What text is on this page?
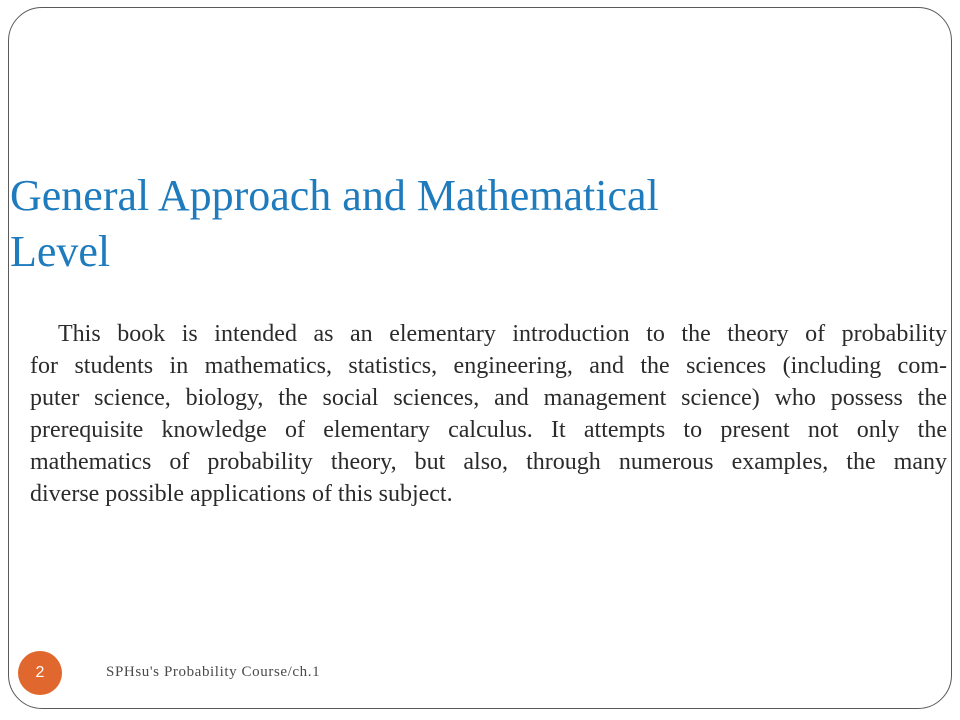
General Approach and Mathematical
Level
This book is intended as an elementary introduction to the theory of probability
for students in mathematics, statistics, engineering, and the sciences (including com-
puter science, biology, the social sciences, and management science) who possess the
prerequisite knowledge of elementary calculus. It attempts to present not only the
mathematics of probability theory, but also, through numerous examples, the many
diverse possible applications of this subject.
2	SPHsu's Probability Course/ch.1
